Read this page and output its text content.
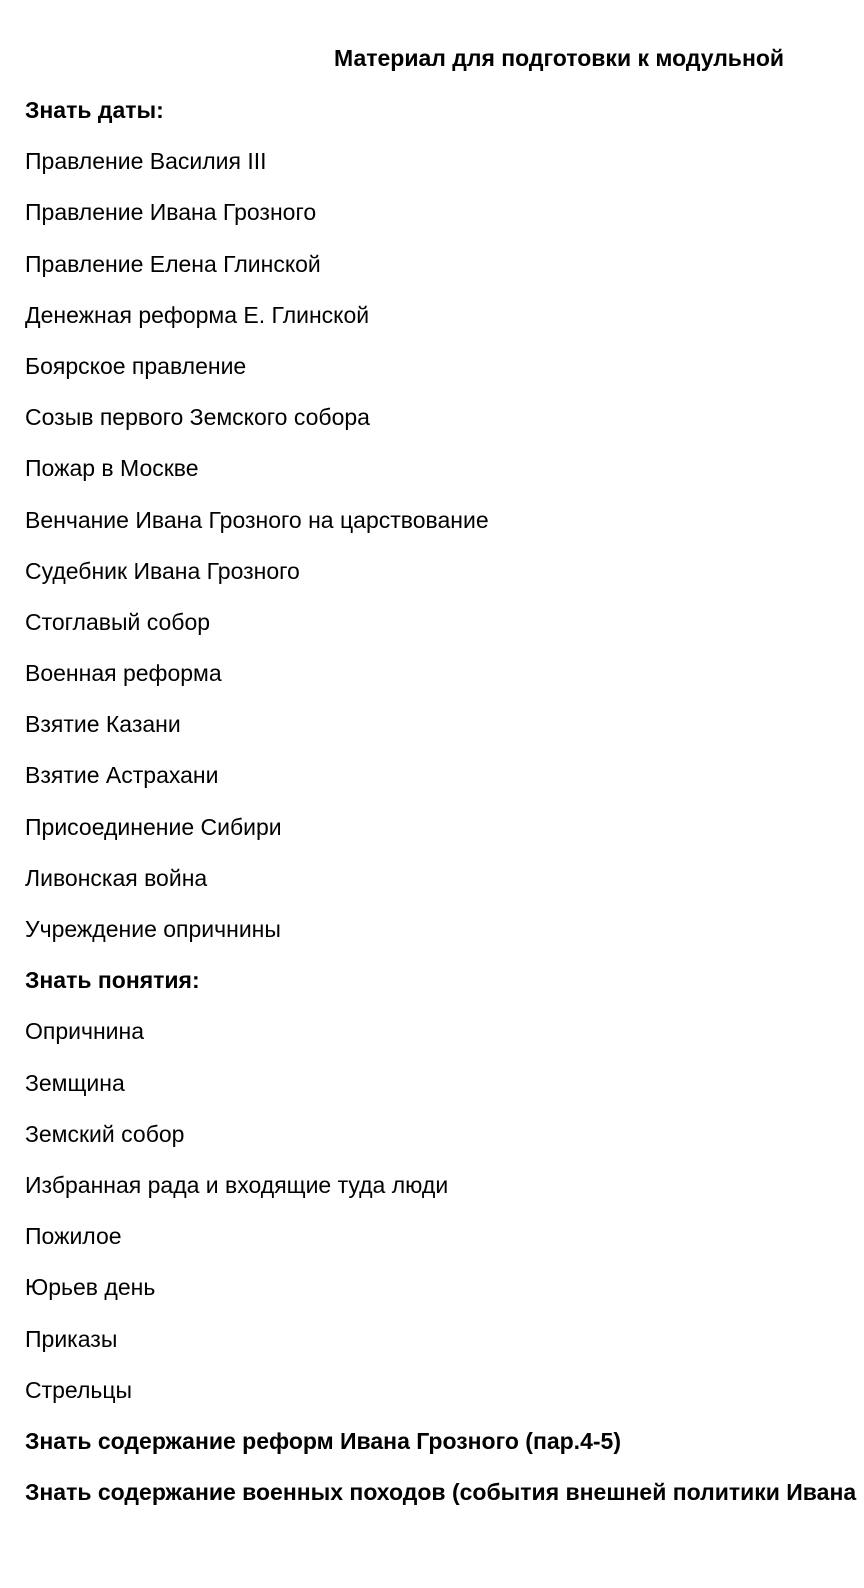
Материал для подготовки к модульной
Знать даты:
Правление Василия III
Правление Ивана Грозного
Правление Елена Глинской
Денежная реформа Е. Глинской
Боярское правление
Созыв первого Земского собора
Пожар в Москве
Венчание Ивана Грозного на царствование
Судебник Ивана Грозного
Стоглавый собор
Военная реформа
Взятие Казани
Взятие Астрахани
Присоединение Сибири
Ливонская война
Учреждение опричнины
Знать понятия:
Опричнина
Земщина
Земский собор
Избранная рада и входящие туда люди
Пожилое
Юрьев день
Приказы
Стрельцы
Знать содержание реформ Ивана Грозного (пар.4-5)
Знать содержание военных походов (события внешней политики Ивана
